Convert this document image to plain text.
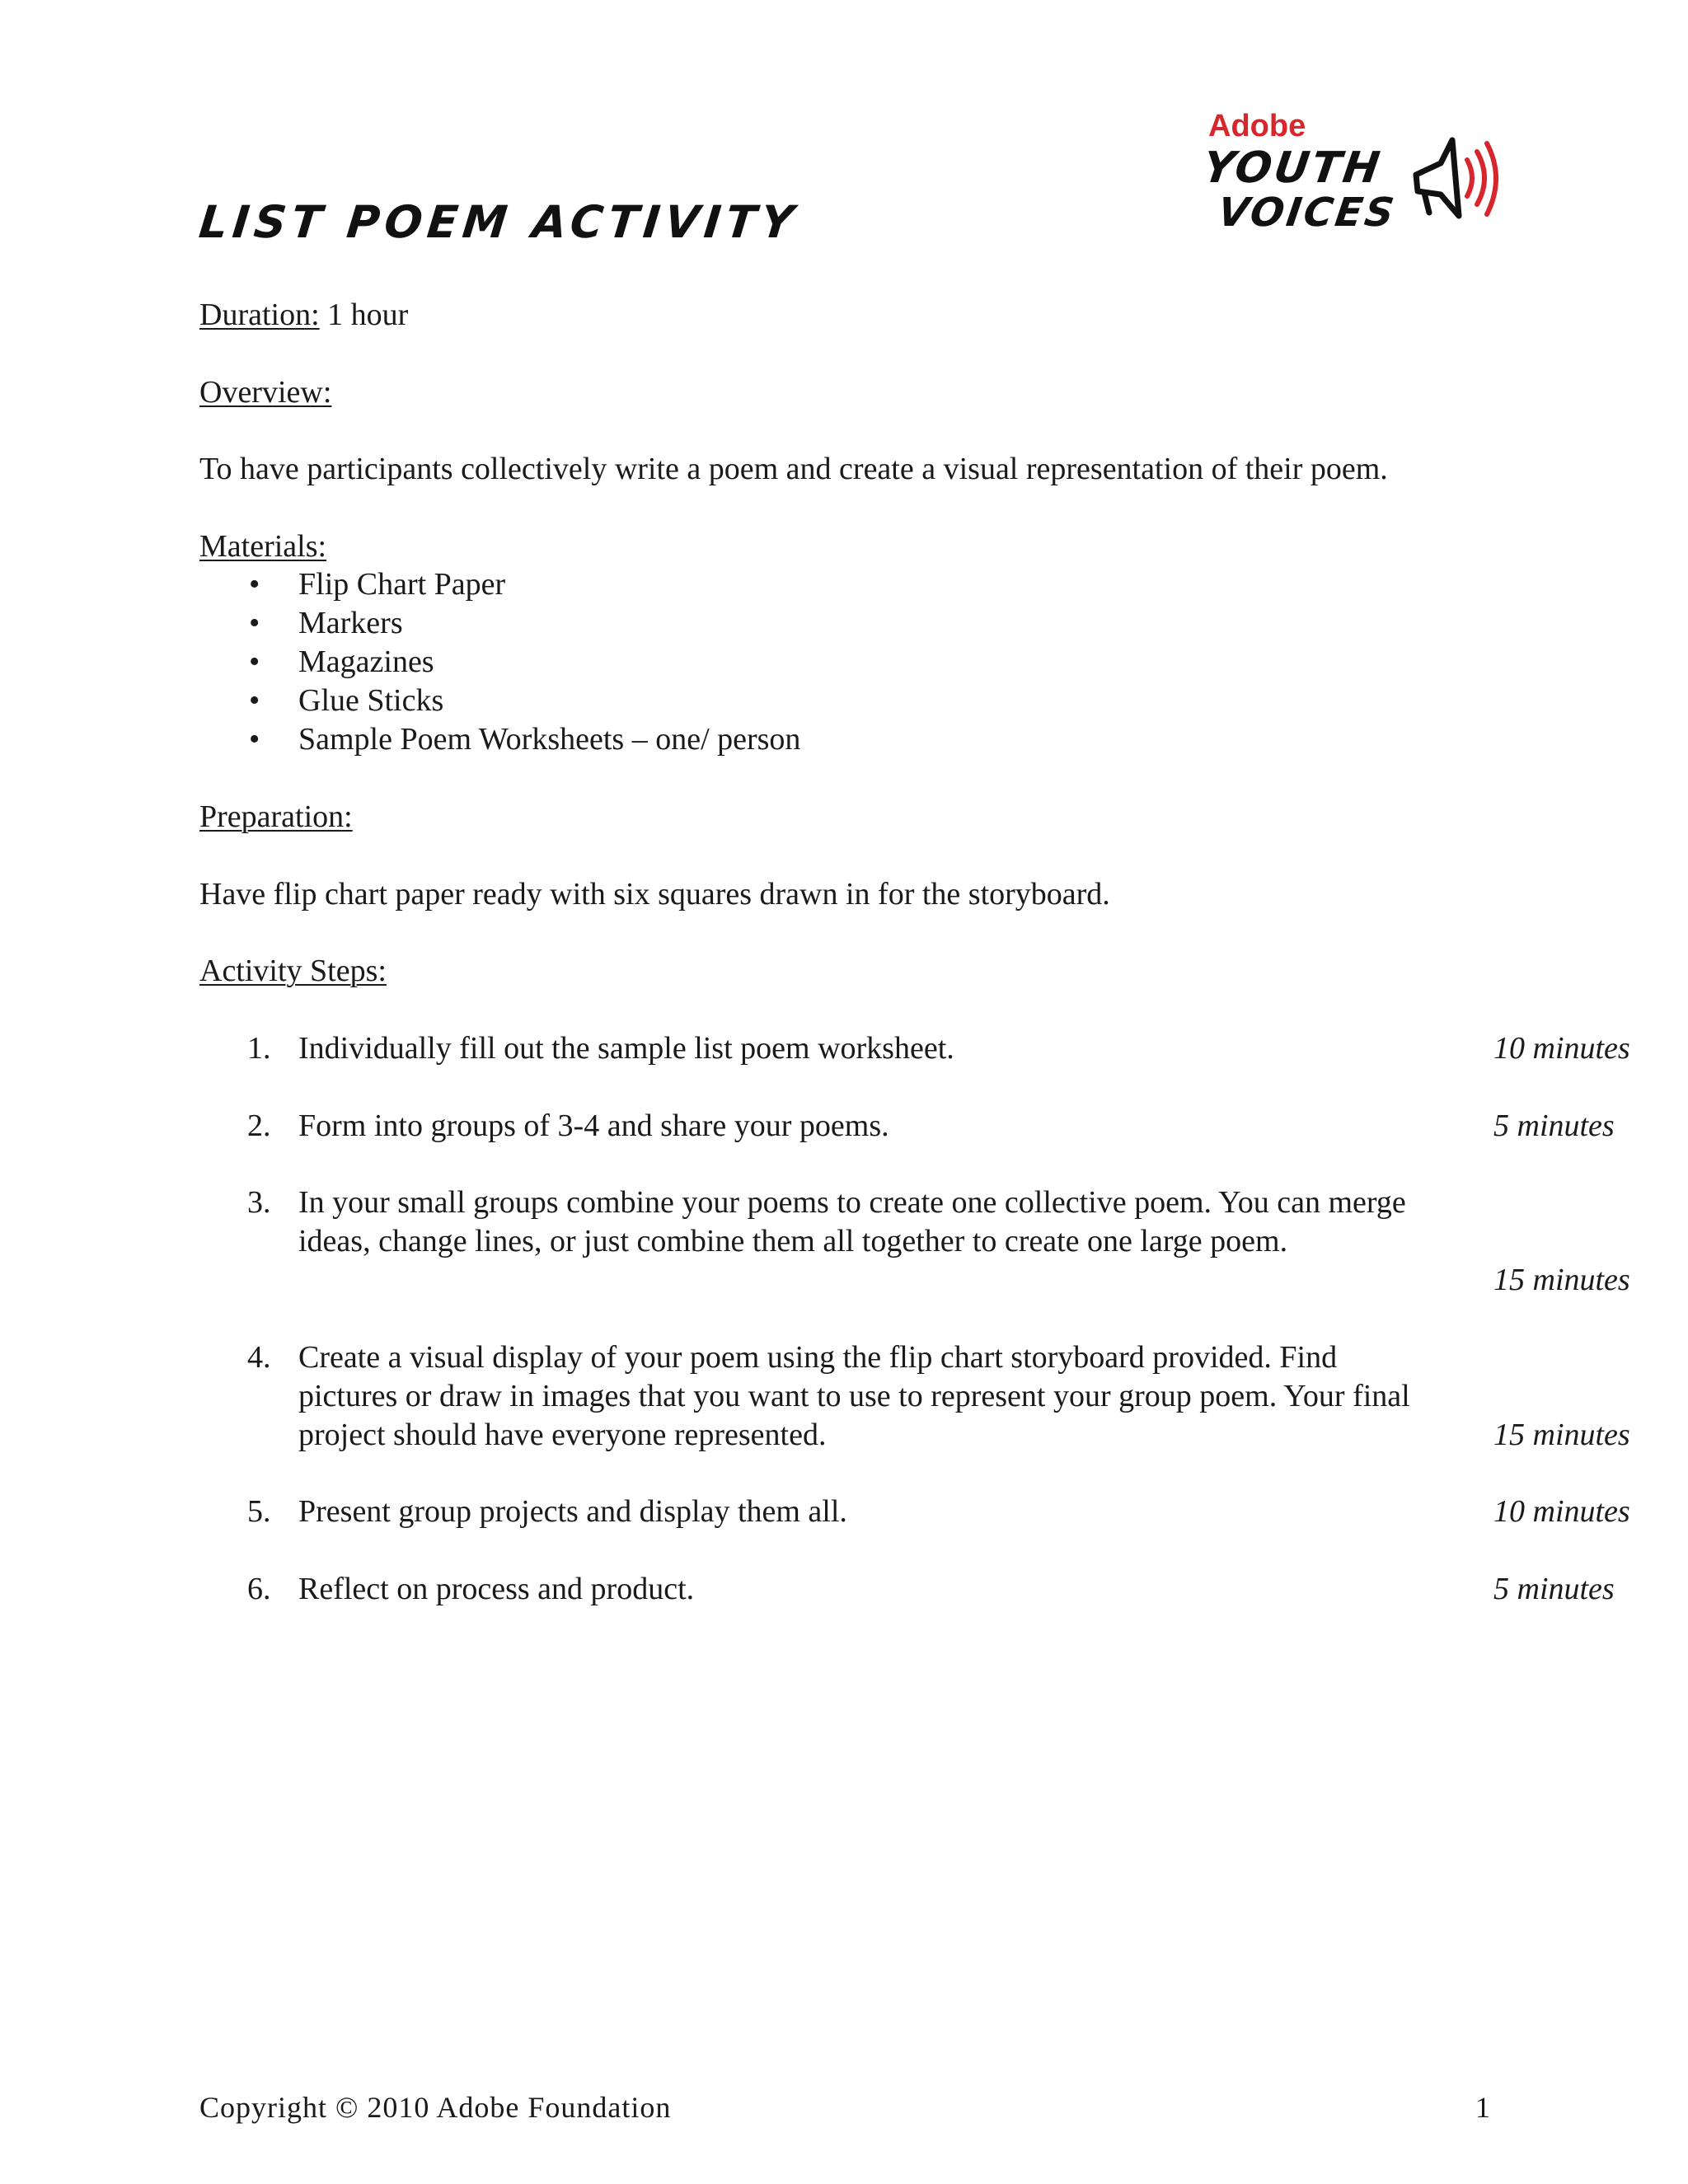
LIST POEM ACTIVITY
Adobe
YOUTH
VOICES

Duration: 1 hour

Overview:

To have participants collectively write a poem and create a visual representation of their poem.

Materials:

• Flip Chart Paper
• Markers
• Magazines
• Glue Sticks
• Sample Poem Worksheets – one/ person

Preparation:

Have flip chart paper ready with six squares drawn in for the storyboard.

Activity Steps:

1. Individually fill out the sample list poem worksheet.	10 minutes
2. Form into groups of 3-4 and share your poems.	5 minutes
3. In your small groups combine your poems to create one collective poem. You can merge
ideas, change lines, or just combine them all together to create one large poem.
15 minutes
4. Create a visual display of your poem using the flip chart storyboard provided. Find
pictures or draw in images that you want to use to represent your group poem. Your final
project should have everyone represented.	15 minutes
5. Present group projects and display them all.	10 minutes
6. Reflect on process and product.	5 minutes

Copyright © 2010 Adobe Foundation	1
